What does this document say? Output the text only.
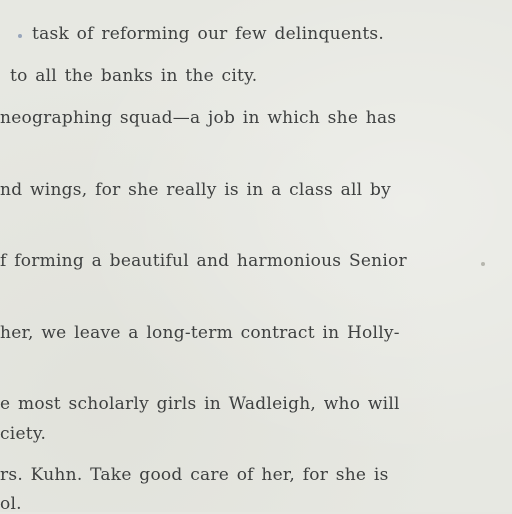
task of reforming our few delinquents.

to all the banks in the city.

neographing squad—a job in which she has

nd wings, for she really is in a class all by

f forming a beautiful and harmonious Senior

her, we leave a long-term contract in Holly-

e most scholarly girls in Wadleigh, who will

ciety.

rs. Kuhn. Take good care of her, for she is

ol.
